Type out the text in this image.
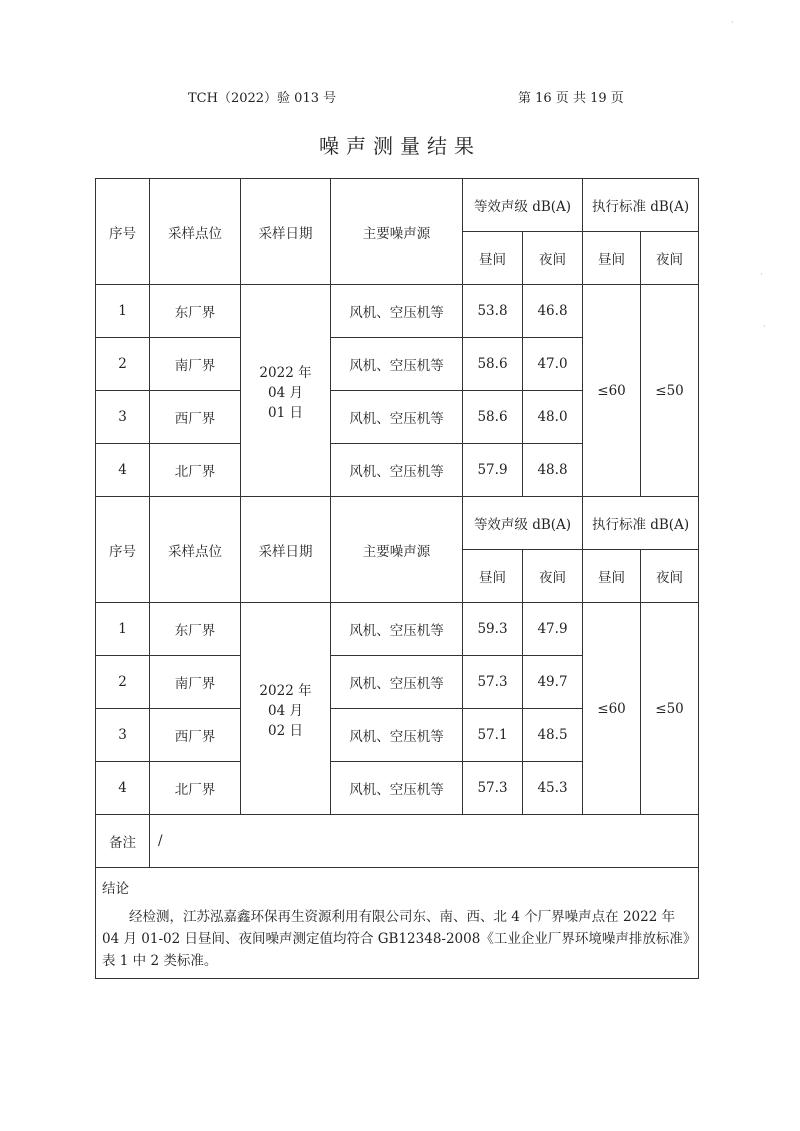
TCH（2022）验 013 号	第 16 页 共 19 页
噪声测量结果
序号	采样点位	采样日期	主要噪声源	等效声级 dB(A)		执行标准 dB(A)	
				昼间	夜间	昼间	夜间
1	东厂界	2022 年
04 月
01 日	风机、空压机等	53.8	46.8	≤60	≤50
2	南厂界		风机、空压机等	58.6	47.0		
3	西厂界		风机、空压机等	58.6	48.0		
4	北厂界		风机、空压机等	57.9	48.8		
序号	采样点位	采样日期	主要噪声源	等效声级 dB(A)		执行标准 dB(A)	
				昼间	夜间	昼间	夜间
1	东厂界	2022 年
04 月
02 日	风机、空压机等	59.3	47.9	≤60	≤50
2	南厂界		风机、空压机等	57.3	49.7		
3	西厂界		风机、空压机等	57.1	48.5		
4	北厂界		风机、空压机等	57.3	45.3		
备注	/						

结论
经检测，江苏泓嘉鑫环保再生资源利用有限公司东、南、西、北 4 个厂界噪声点在 2022 年 04 月 01-02 日昼间、夜间噪声测定值均符合 GB12348-2008《工业企业厂界环境噪声排放标准》表 1 中 2 类标准。							
·
·
·
